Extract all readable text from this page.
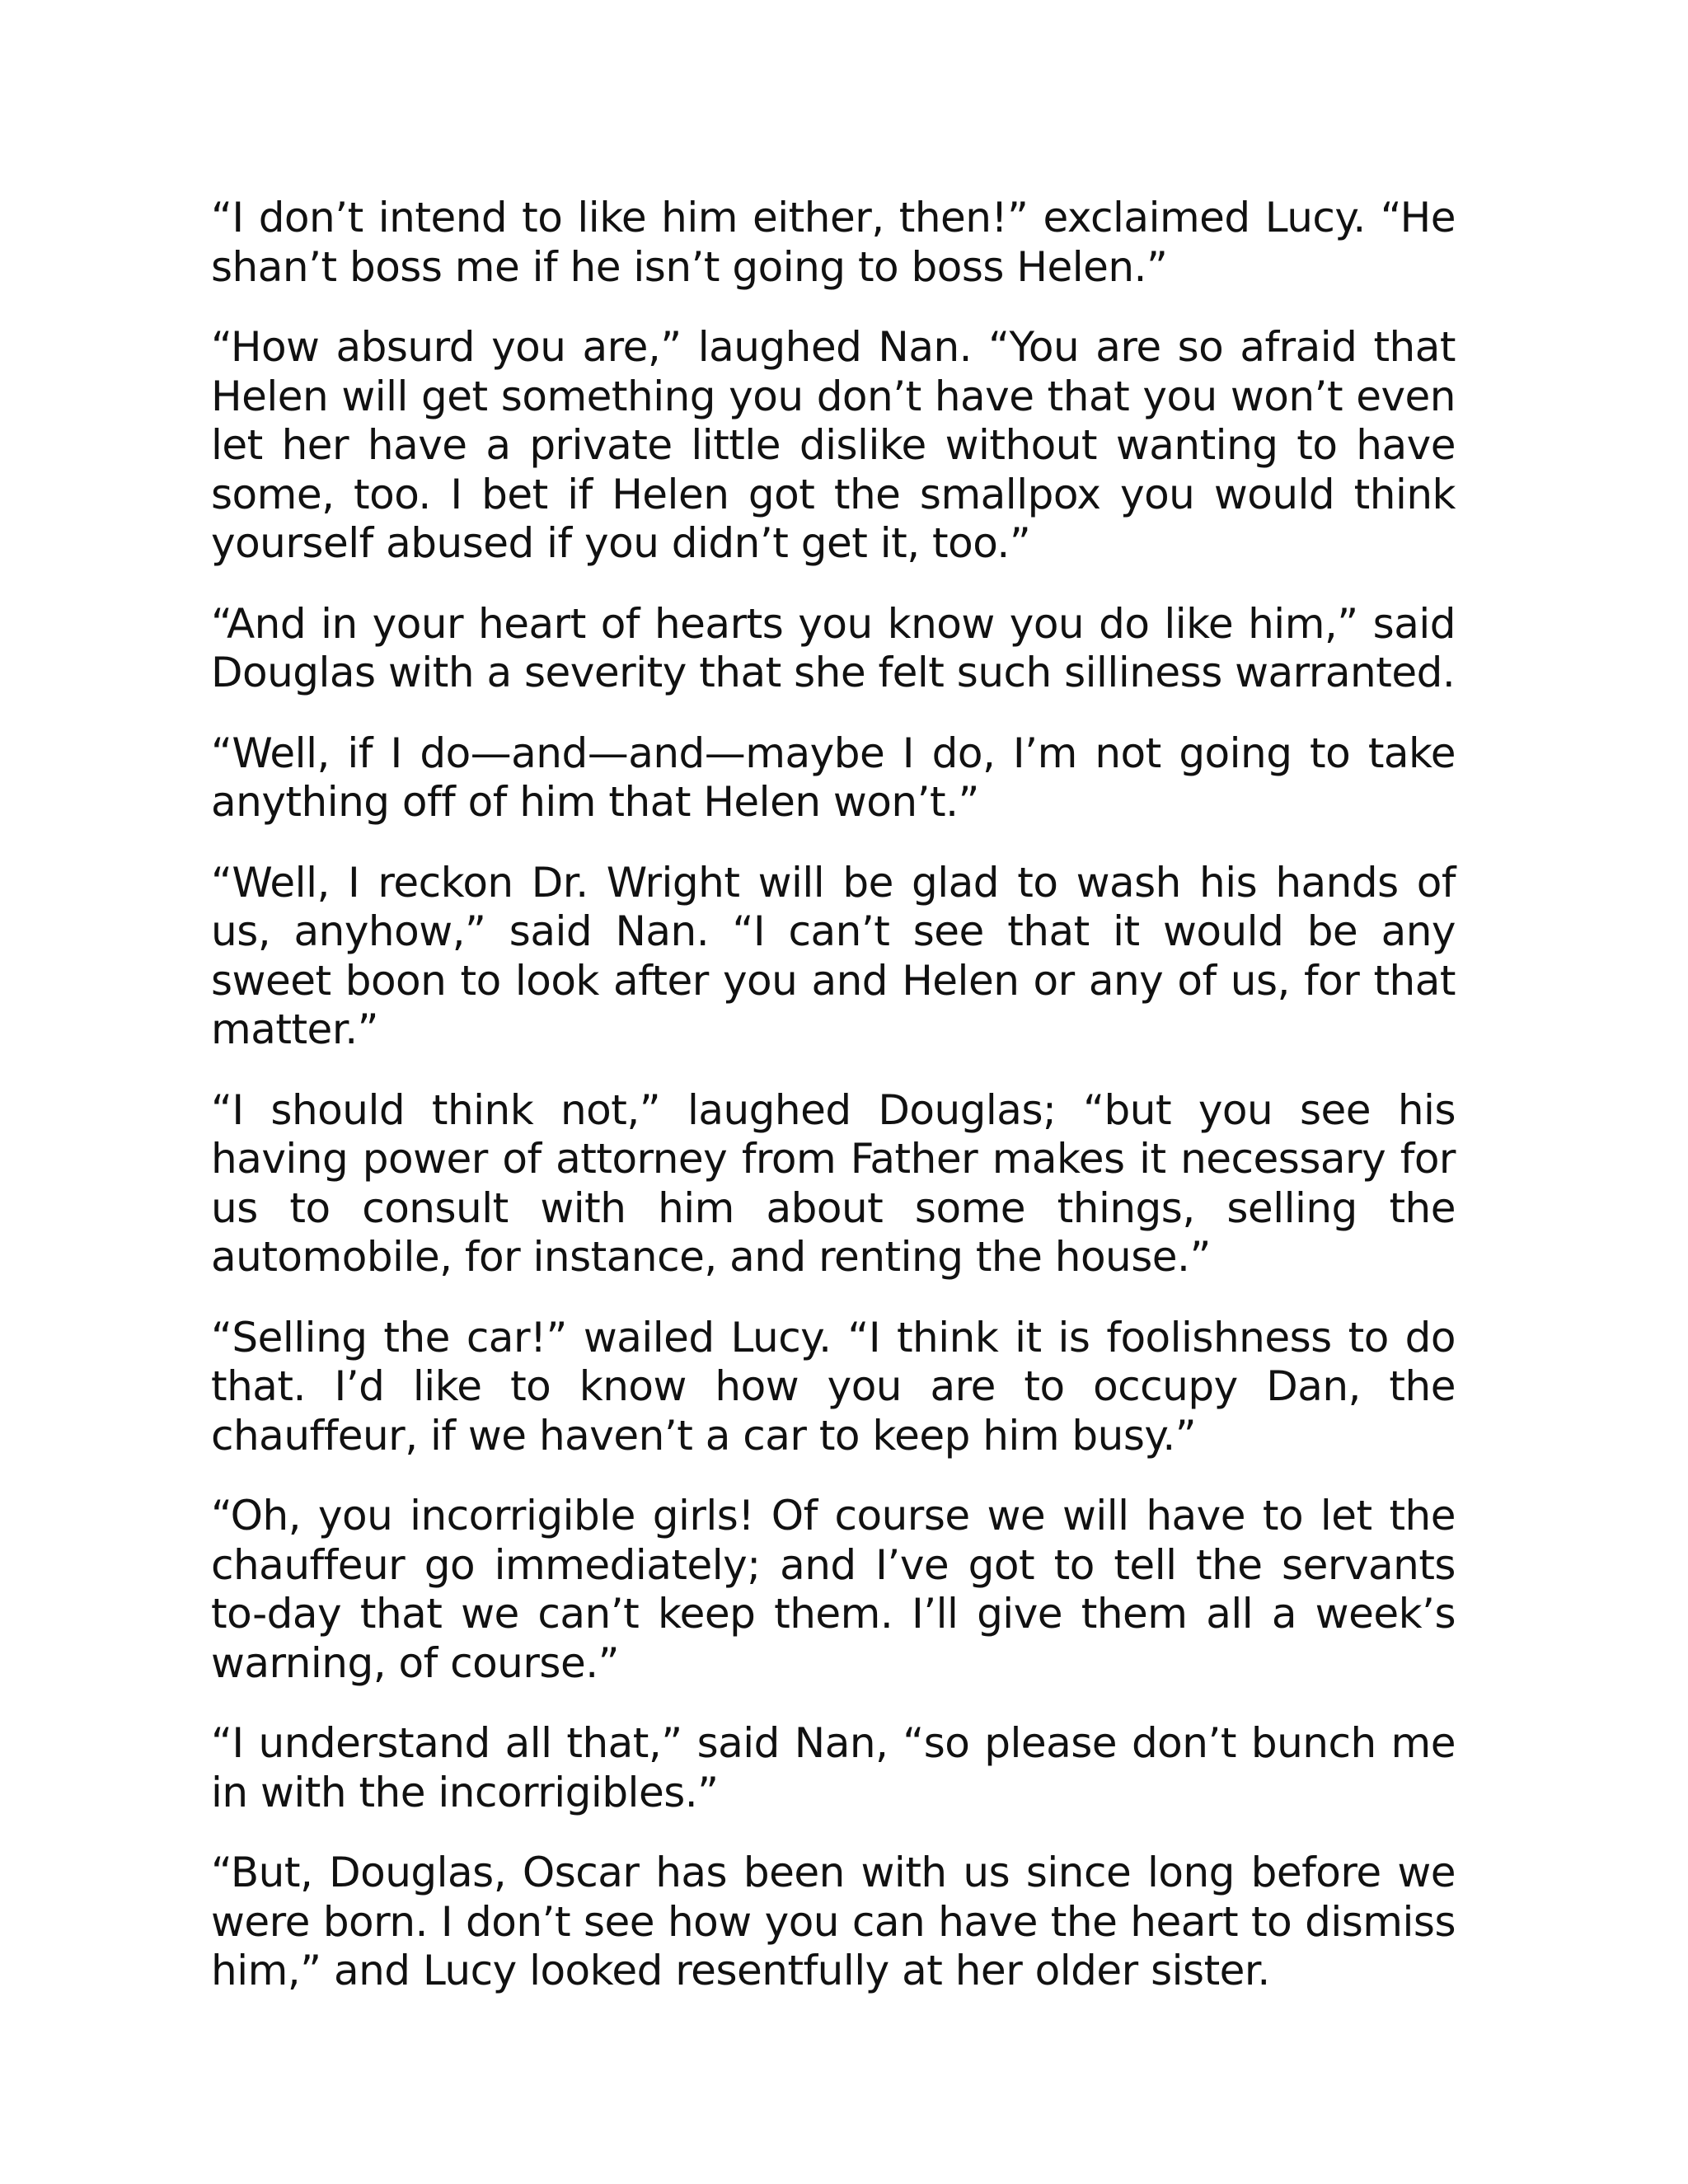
“I don’t intend to like him either, then!” exclaimed Lucy. “He shan’t boss me if he isn’t going to boss Helen.”

“How absurd you are,” laughed Nan. “You are so afraid that Helen will get something you don’t have that you won’t even let her have a private little dislike without wanting to have some, too. I bet if Helen got the smallpox you would think yourself abused if you didn’t get it, too.”

“And in your heart of hearts you know you do like him,” said Douglas with a severity that she felt such silliness warranted.

“Well, if I do—and—and—maybe I do, I’m not going to take anything off of him that Helen won’t.”

“Well, I reckon Dr. Wright will be glad to wash his hands of us, anyhow,” said Nan. “I can’t see that it would be any sweet boon to look after you and Helen or any of us, for that matter.”

“I should think not,” laughed Douglas; “but you see his having power of attorney from Father makes it necessary for us to consult with him about some things, selling the automobile, for instance, and renting the house.”

“Selling the car!” wailed Lucy. “I think it is foolishness to do that. I’d like to know how you are to occupy Dan, the chauffeur, if we haven’t a car to keep him busy.”

“Oh, you incorrigible girls! Of course we will have to let the chauffeur go immediately; and I’ve got to tell the servants to-day that we can’t keep them. I’ll give them all a week’s warning, of course.”

“I understand all that,” said Nan, “so please don’t bunch me in with the incorrigibles.”

“But, Douglas, Oscar has been with us since long before we were born. I don’t see how you can have the heart to dismiss him,” and Lucy looked resentfully at her older sister.
